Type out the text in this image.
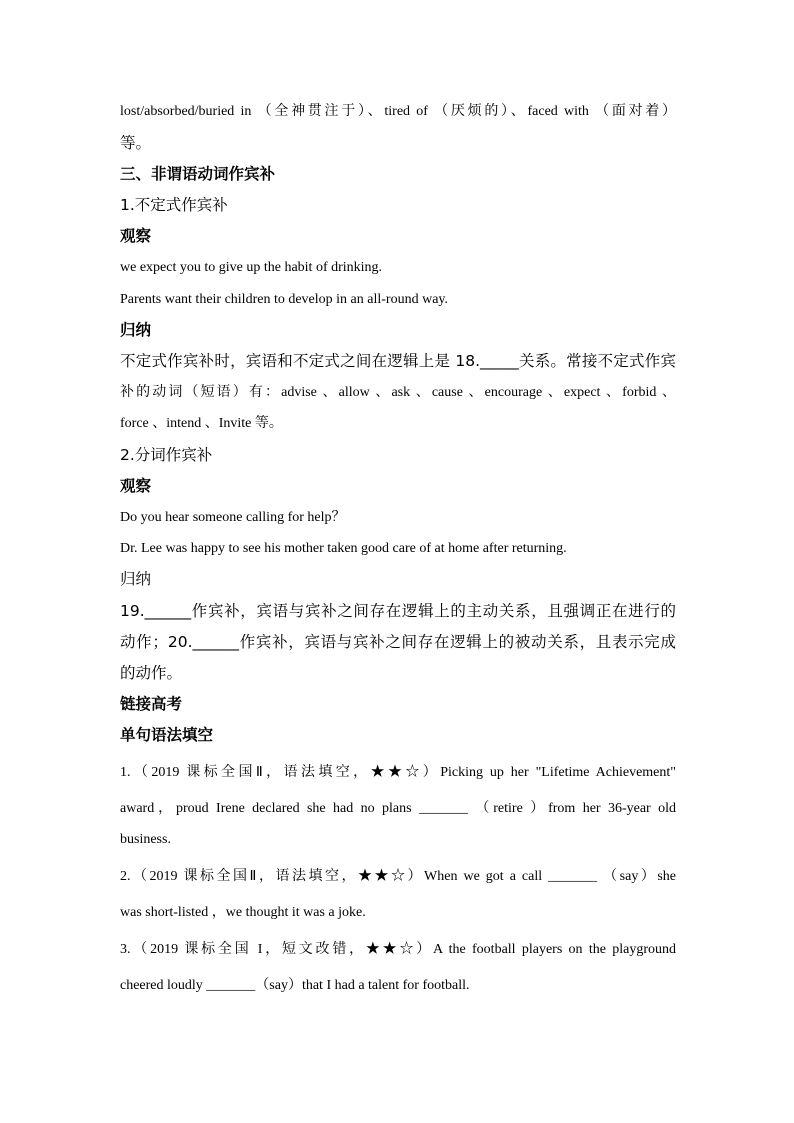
lost/absorbed/buried in （全神贯注于）、tired of （厌烦的）、faced with （面对着）
等。
三、非谓语动词作宾补
1.不定式作宾补
观察
we expect you to give up the habit of drinking.
Parents want their children to develop in an all-round way.
归纳
不定式作宾补时，宾语和不定式之间在逻辑上是 18._____关系。常接不定式作宾
补的动词（短语）有：advise 、allow 、ask 、cause 、encourage 、expect 、forbid 、
force 、intend 、Invite 等。
2.分词作宾补
观察
Do you hear someone calling for help？
Dr. Lee was happy to see his mother taken good care of at home after returning.
归纳
19.______作宾补，宾语与宾补之间存在逻辑上的主动关系，且强调正在进行的
动作；20.______作宾补，宾语与宾补之间存在逻辑上的被动关系，且表示完成
的动作。
链接高考
单句语法填空
1.（2019 课标全国Ⅱ，语法填空，★★☆）Picking up her "Lifetime Achievement"
award，proud Irene declared she had no plans _______ （retire ）from her 36-year old
business.
2.（2019 课标全国Ⅱ，语法填空，★★☆）When we got a call _______ （say）she
was short-listed ，we thought it was a joke.
3.（2019 课标全国 I，短文改错，★★☆）A the football players on the playground
cheered loudly _______（say）that I had a talent for football.
